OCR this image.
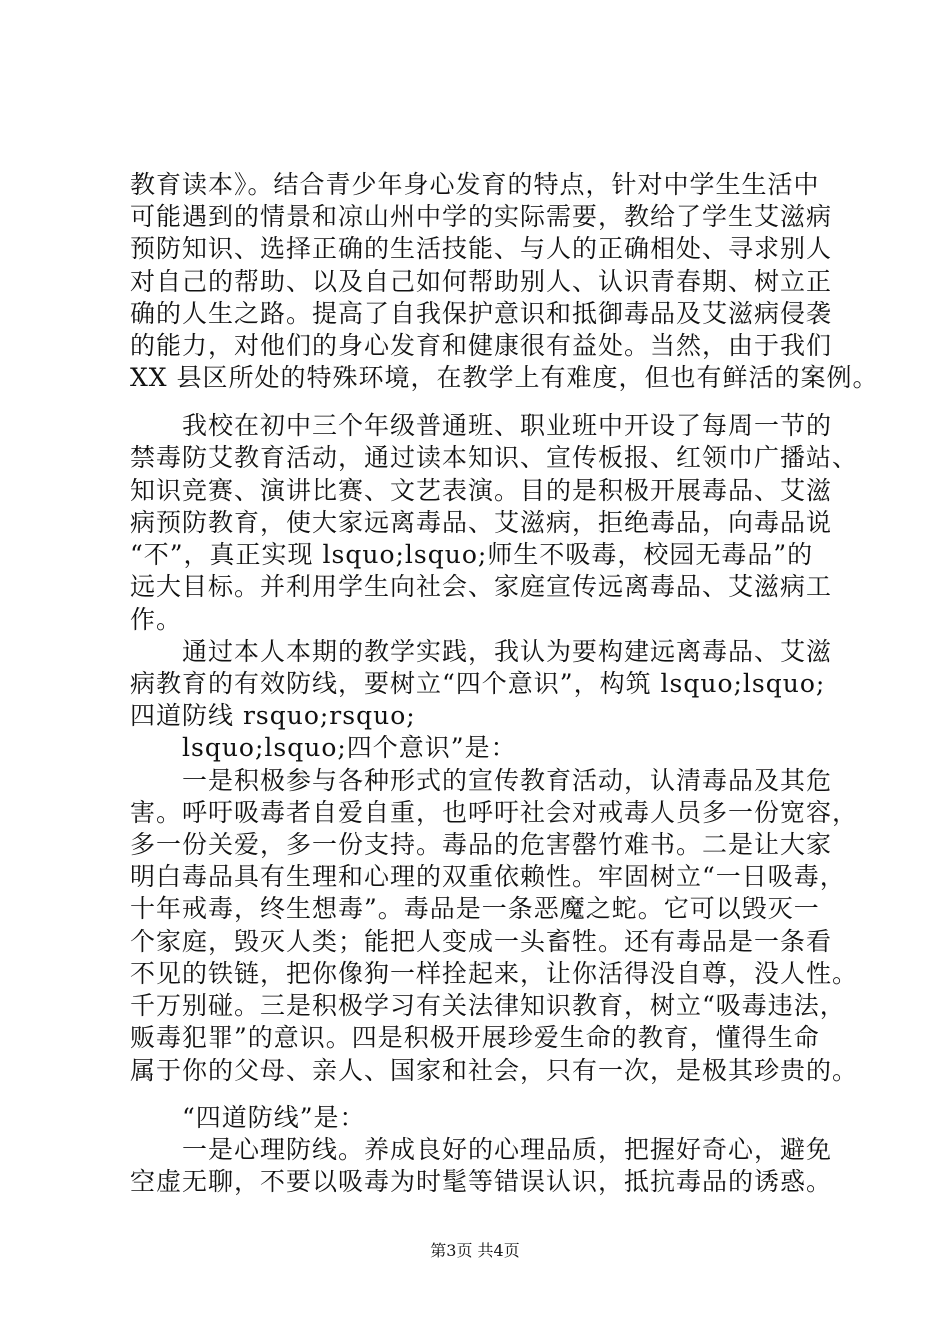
教育读本》。结合青少年身心发育的特点，针对中学生生活中
可能遇到的情景和凉山州中学的实际需要，教给了学生艾滋病
预防知识、选择正确的生活技能、与人的正确相处、寻求别人
对自己的帮助、以及自己如何帮助别人、认识青春期、树立正
确的人生之路。提高了自我保护意识和抵御毒品及艾滋病侵袭
的能力，对他们的身心发育和健康很有益处。当然，由于我们
XX 县区所处的特殊环境，在教学上有难度，但也有鲜活的案例。
　　我校在初中三个年级普通班、职业班中开设了每周一节的
禁毒防艾教育活动，通过读本知识、宣传板报、红领巾广播站、
知识竞赛、演讲比赛、文艺表演。目的是积极开展毒品、艾滋
病预防教育，使大家远离毒品、艾滋病，拒绝毒品，向毒品说
“不”，真正实现 lsquo;lsquo;师生不吸毒，校园无毒品”的
远大目标。并利用学生向社会、家庭宣传远离毒品、艾滋病工
作。
　　通过本人本期的教学实践，我认为要构建远离毒品、艾滋
病教育的有效防线，要树立“四个意识”，构筑 lsquo;lsquo;
四道防线 rsquo;rsquo;
　　lsquo;lsquo;四个意识”是：
　　一是积极参与各种形式的宣传教育活动，认清毒品及其危
害。呼吁吸毒者自爱自重，也呼吁社会对戒毒人员多一份宽容，
多一份关爱，多一份支持。毒品的危害罄竹难书。二是让大家
明白毒品具有生理和心理的双重依赖性。牢固树立“一日吸毒，
十年戒毒，终生想毒”。毒品是一条恶魔之蛇。它可以毁灭一
个家庭，毁灭人类；能把人变成一头畜牲。还有毒品是一条看
不见的铁链，把你像狗一样拴起来，让你活得没自尊，没人性。
千万别碰。三是积极学习有关法律知识教育，树立“吸毒违法，
贩毒犯罪”的意识。四是积极开展珍爱生命的教育，懂得生命
属于你的父母、亲人、国家和社会，只有一次，是极其珍贵的。
　　“四道防线”是：
　　一是心理防线。养成良好的心理品质，把握好奇心，避免
空虚无聊，不要以吸毒为时髦等错误认识，抵抗毒品的诱惑。
第3页 共4页
